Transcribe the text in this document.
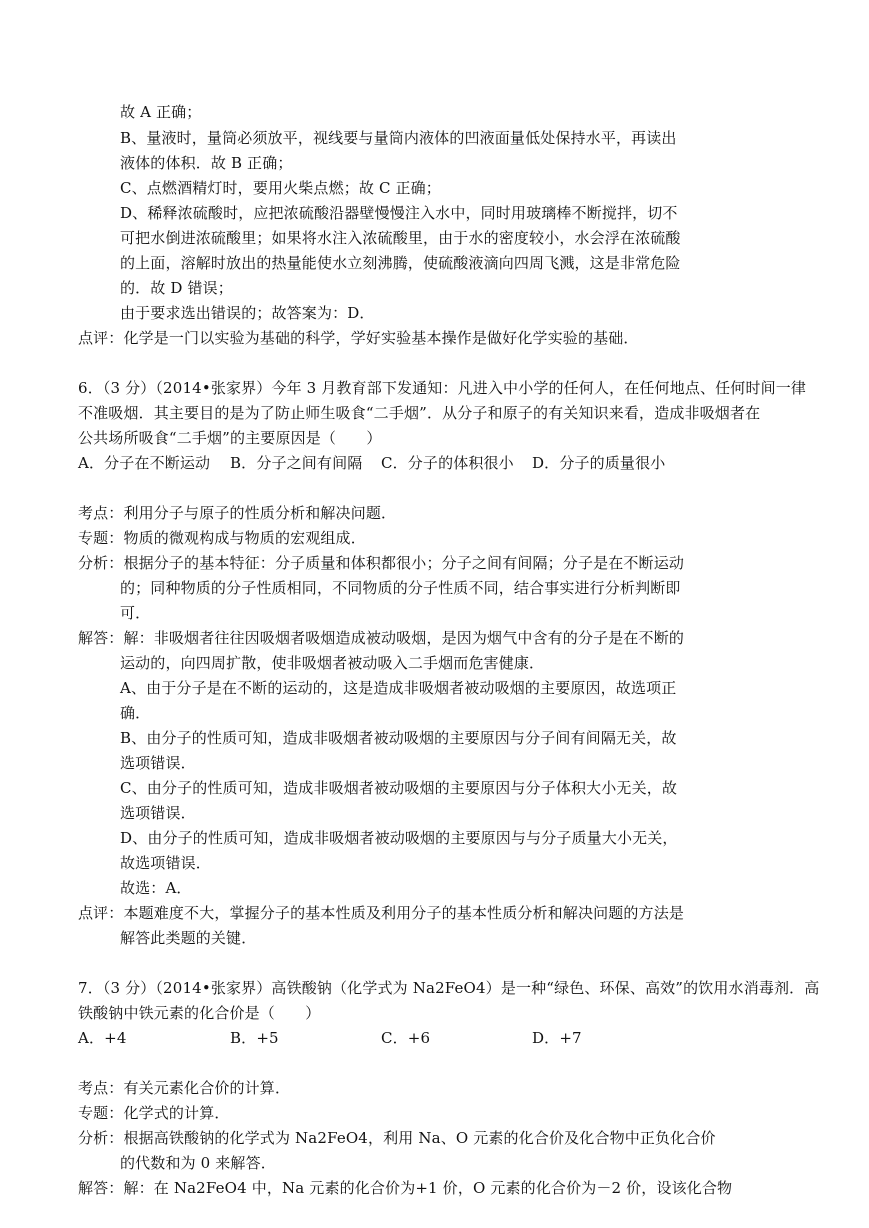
故 A 正确；
B、量液时，量筒必须放平，视线要与量筒内液体的凹液面量低处保持水平，再读出
液体的体积．故 B 正确；
C、点燃酒精灯时，要用火柴点燃；故 C 正确；
D、稀释浓硫酸时，应把浓硫酸沿器壁慢慢注入水中，同时用玻璃棒不断搅拌，切不
可把水倒进浓硫酸里；如果将水注入浓硫酸里，由于水的密度较小，水会浮在浓硫酸
的上面，溶解时放出的热量能使水立刻沸腾，使硫酸液滴向四周飞溅，这是非常危险
的．故 D 错误；
由于要求选出错误的；故答案为：D．
点评：化学是一门以实验为基础的科学，学好实验基本操作是做好化学实验的基础．
6．（3 分）（2014•张家界）今年 3 月教育部下发通知：凡进入中小学的任何人，在任何地点、任何时间一律
不准吸烟．其主要目的是为了防止师生吸食“二手烟”．从分子和原子的有关知识来看，造成非吸烟者在
公共场所吸食“二手烟”的主要原因是（　　）
A．分子在不断运动 B．分子之间有间隔 C．分子的体积很小 D．分子的质量很小
考点：利用分子与原子的性质分析和解决问题．
专题：物质的微观构成与物质的宏观组成．
分析：根据分子的基本特征：分子质量和体积都很小；分子之间有间隔；分子是在不断运动
的；同种物质的分子性质相同，不同物质的分子性质不同，结合事实进行分析判断即
可．
解答：解：非吸烟者往往因吸烟者吸烟造成被动吸烟，是因为烟气中含有的分子是在不断的
运动的，向四周扩散，使非吸烟者被动吸入二手烟而危害健康．
A、由于分子是在不断的运动的，这是造成非吸烟者被动吸烟的主要原因，故选项正
确．
B、由分子的性质可知，造成非吸烟者被动吸烟的主要原因与分子间有间隔无关，故
选项错误．
C、由分子的性质可知，造成非吸烟者被动吸烟的主要原因与分子体积大小无关，故
选项错误．
D、由分子的性质可知，造成非吸烟者被动吸烟的主要原因与与分子质量大小无关，
故选项错误．
故选：A．
点评：本题难度不大，掌握分子的基本性质及利用分子的基本性质分析和解决问题的方法是
解答此类题的关键．
7．（3 分）（2014•张家界）高铁酸钠（化学式为 Na2FeO4）是一种“绿色、环保、高效”的饮用水消毒剂．高
铁酸钠中铁元素的化合价是（　　）
A．+4	B．+5	C．+6	D．+7
考点：有关元素化合价的计算．
专题：化学式的计算．
分析：根据高铁酸钠的化学式为 Na2FeO4，利用 Na、O 元素的化合价及化合物中正负化合价
的代数和为 0 来解答．
解答：解：在 Na2FeO4 中，Na 元素的化合价为+1 价，O 元素的化合价为－2 价，设该化合物
